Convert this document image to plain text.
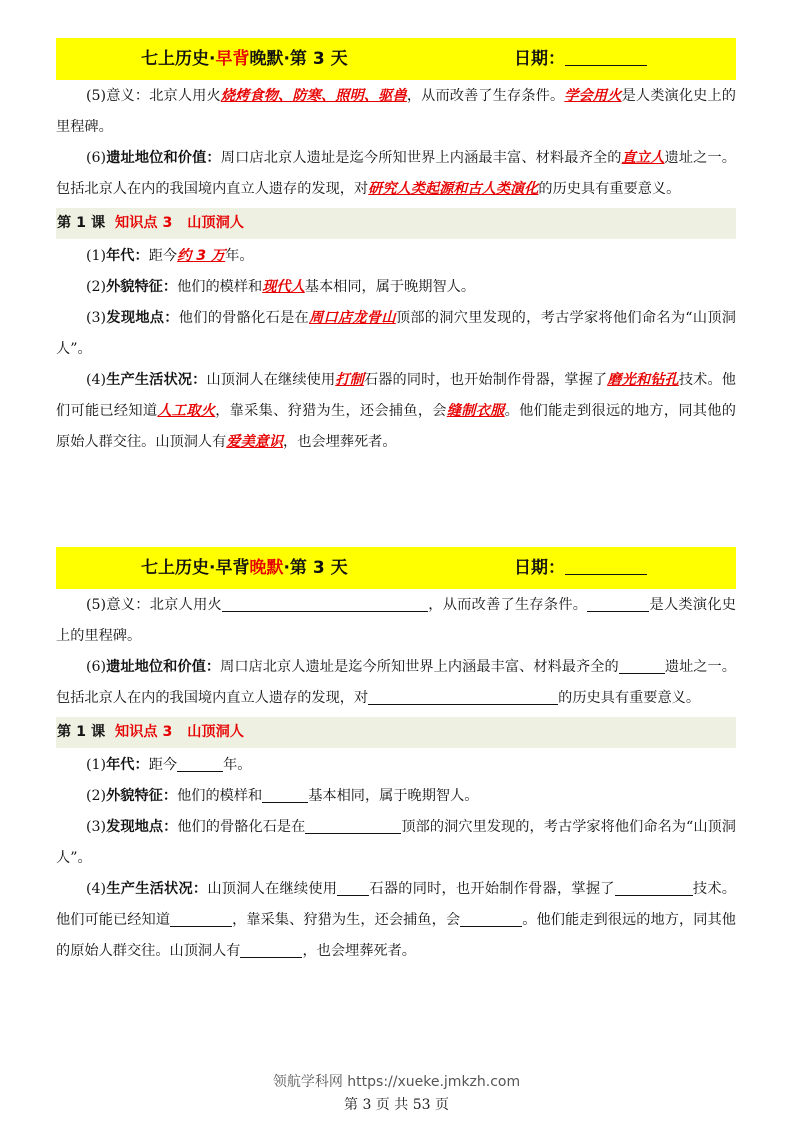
七上历史·早背晚默·第 3 天	日期：

(5)意义：北京人用火烧烤食物、防寒、照明、驱兽，从而改善了生存条件。学会用火是人类演化史上的里程碑。

(6)遗址地位和价值：周口店北京人遗址是迄今所知世界上内涵最丰富、材料最齐全的直立人遗址之一。包括北京人在内的我国境内直立人遗存的发现，对研究人类起源和古人类演化的历史具有重要意义。

第 1 课 知识点 3 山顶洞人

(1)年代：距今约 3 万年。

(2)外貌特征：他们的模样和现代人基本相同，属于晚期智人。

(3)发现地点：他们的骨骼化石是在周口店龙骨山顶部的洞穴里发现的，考古学家将他们命名为“山顶洞人”。

(4)生产生活状况：山顶洞人在继续使用打制石器的同时，也开始制作骨器，掌握了磨光和钻孔技术。他们可能已经知道人工取火，靠采集、狩猎为生，还会捕鱼，会缝制衣服。他们能走到很远的地方，同其他的原始人群交往。山顶洞人有爱美意识，也会埋葬死者。

七上历史·早背晚默·第 3 天	日期：

(5)意义：北京人用火	，从而改善了生存条件。	是人类演化史上的里程碑。

(6)遗址地位和价值：周口店北京人遗址是迄今所知世界上内涵最丰富、材料最齐全的	遗址之一。包括北京人在内的我国境内直立人遗存的发现，对	的历史具有重要意义。

第 1 课 知识点 3 山顶洞人

(1)年代：距今	年。

(2)外貌特征：他们的模样和	基本相同，属于晚期智人。

(3)发现地点：他们的骨骼化石是在	顶部的洞穴里发现的，考古学家将他们命名为“山顶洞人”。

(4)生产生活状况：山顶洞人在继续使用 石器的同时，也开始制作骨器，掌握了	技术。他们可能已经知道	，靠采集、狩猎为生，还会捕鱼，会	。他们能走到很远的地方，同其他的原始人群交往。山顶洞人有	，也会埋葬死者。

领航学科网 https://xueke.jmkzh.com
第 3 页 共 53 页
